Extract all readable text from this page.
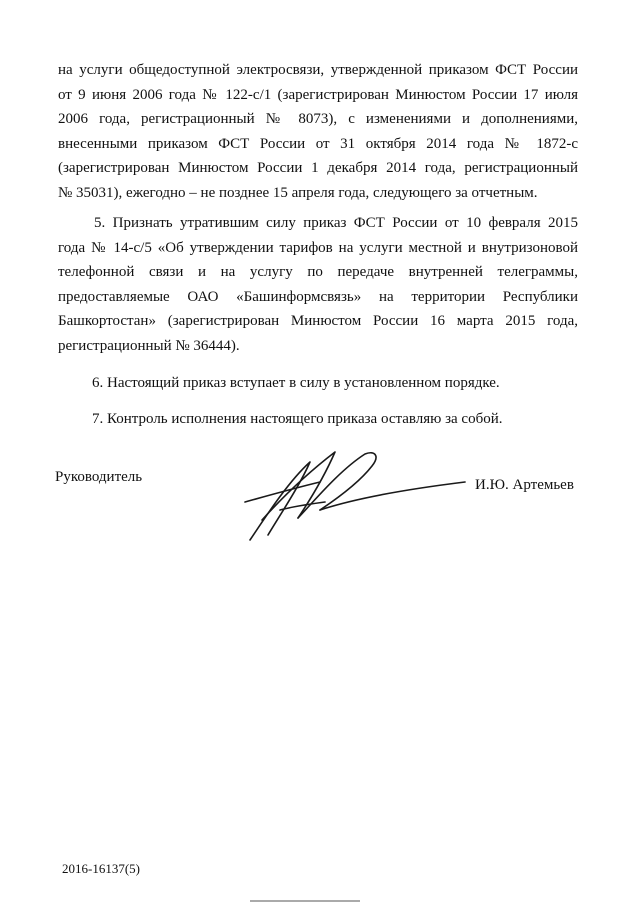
на услуги общедоступной электросвязи, утвержденной приказом ФСТ России
от 9 июня 2006 года № 122-с/1 (зарегистрирован Минюстом России 17 июля
2006 года, регистрационный № 8073), с изменениями и дополнениями,
внесенными приказом ФСТ России от 31 октября 2014 года № 1872-с
(зарегистрирован Минюстом России 1 декабря 2014 года, регистрационный
№ 35031), ежегодно – не позднее 15 апреля года, следующего за отчетным.
5. Признать утратившим силу приказ ФСТ России от 10 февраля 2015
года № 14-с/5 «Об утверждении тарифов на услуги местной и внутризоновой
телефонной связи и на услугу по передаче внутренней телеграммы,
предоставляемые ОАО «Башинформсвязь» на территории Республики
Башкортостан» (зарегистрирован Минюстом России 16 марта 2015 года,
регистрационный № 36444).
6. Настоящий приказ вступает в силу в установленном порядке.
7. Контроль исполнения настоящего приказа оставляю за собой.
Руководитель	И.Ю. Артемьев
2016-16137(5)
